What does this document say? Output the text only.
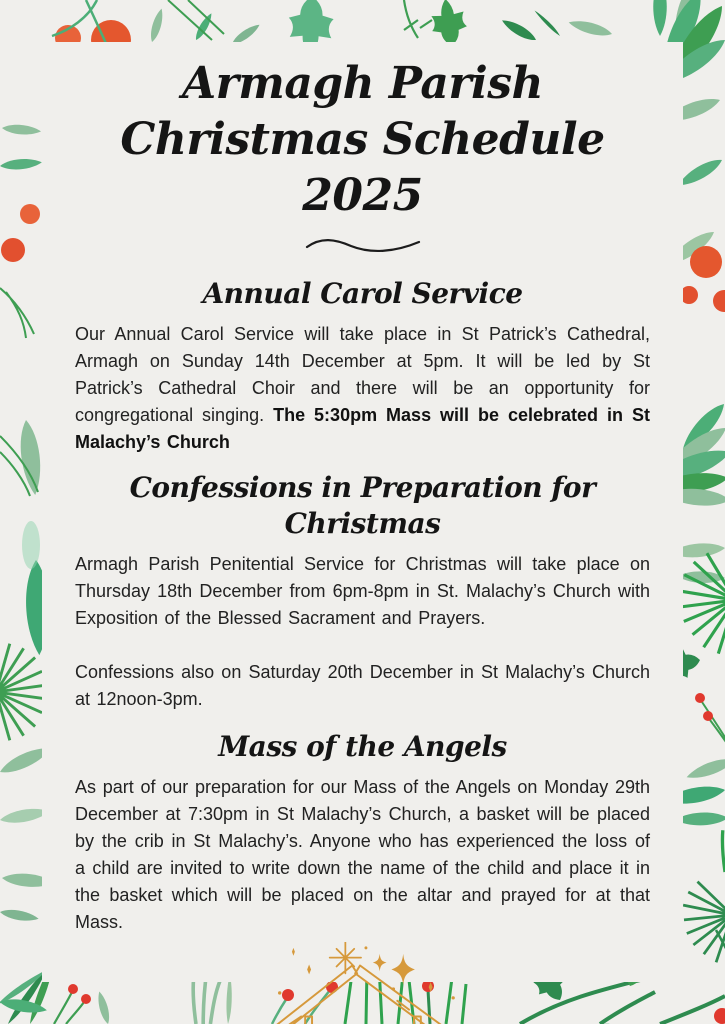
Armagh Parish
Christmas Schedule 2025
Annual Carol Service

Our Annual Carol Service will take place in St Patrick’s Cathedral, Armagh on Sunday 14th December at 5pm. It will be led by St Patrick’s Cathedral Choir and there will be an opportunity for congregational singing. The 5:30pm Mass will be celebrated in St Malachy’s Church

Confessions in Preparation for Christmas

Armagh Parish Penitential Service for Christmas will take place on Thursday 18th December from 6pm-8pm in St. Malachy’s Church with Exposition of the Blessed Sacrament and Prayers.

Confessions also on Saturday 20th December in St Malachy’s Church at 12noon-3pm.

Mass of the Angels

As part of our preparation for our Mass of the Angels on Monday 29th December at 7:30pm in St Malachy’s Church, a basket will be placed by the crib in St Malachy’s. Anyone who has experienced the loss of a child are invited to write down the name of the child and place it in the basket which will be placed on the altar and prayed for at that Mass.
